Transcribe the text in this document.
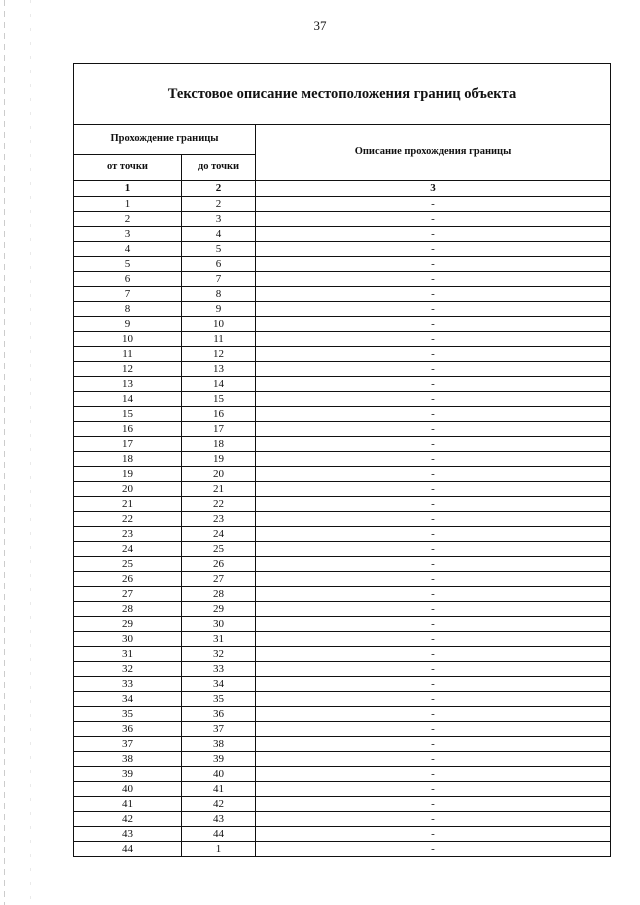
37
Текстовое описание местоположения границ объекта		
Прохождение границы		Описание прохождения границы
от точки	до точки	
1	2	3
1	2	-
2	3	-
3	4	-
4	5	-
5	6	-
6	7	-
7	8	-
8	9	-
9	10	-
10	11	-
11	12	-
12	13	-
13	14	-
14	15	-
15	16	-
16	17	-
17	18	-
18	19	-
19	20	-
20	21	-
21	22	-
22	23	-
23	24	-
24	25	-
25	26	-
26	27	-
27	28	-
28	29	-
29	30	-
30	31	-
31	32	-
32	33	-
33	34	-
34	35	-
35	36	-
36	37	-
37	38	-
38	39	-
39	40	-
40	41	-
41	42	-
42	43	-
43	44	-
44	1	-
